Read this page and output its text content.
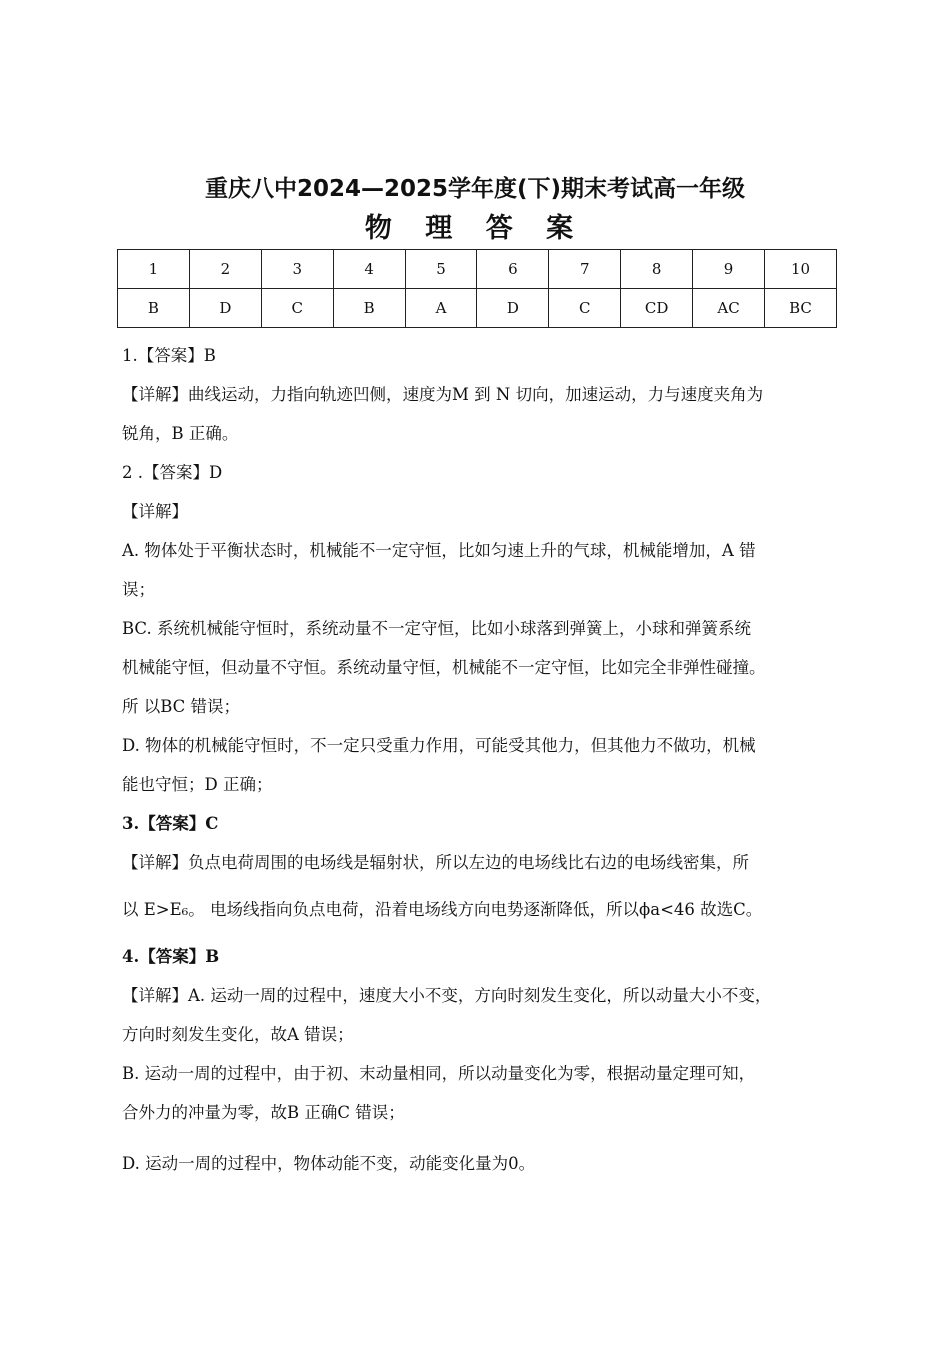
重庆八中2024—2025学年度(下)期末考试高一年级
物 理 答 案
1	2	3	4	5	6	7	8	9	10
B	D	C	B	A	D	C	CD	AC	BC

1.【答案】B

【详解】曲线运动，力指向轨迹凹侧，速度为M 到 N 切向，加速运动，力与速度夹角为

锐角，B 正确。

2 .【答案】D

【详解】

A. 物体处于平衡状态时，机械能不一定守恒，比如匀速上升的气球，机械能增加，A 错

误；

BC. 系统机械能守恒时，系统动量不一定守恒，比如小球落到弹簧上，小球和弹簧系统

机械能守恒，但动量不守恒。系统动量守恒，机械能不一定守恒，比如完全非弹性碰撞。

所 以BC 错误；

D. 物体的机械能守恒时，不一定只受重力作用，可能受其他力，但其他力不做功，机械

能也守恒；D 正确；

3.【答案】C

【详解】负点电荷周围的电场线是辐射状，所以左边的电场线比右边的电场线密集，所

以 E>E₆。 电场线指向负点电荷，沿着电场线方向电势逐渐降低，所以ϕa<46 故选C。

4.【答案】B

【详解】A. 运动一周的过程中，速度大小不变，方向时刻发生变化，所以动量大小不变，

方向时刻发生变化，故A 错误；

B. 运动一周的过程中，由于初、末动量相同，所以动量变化为零，根据动量定理可知，

合外力的冲量为零，故B 正确C 错误；

D. 运动一周的过程中，物体动能不变，动能变化量为0。
